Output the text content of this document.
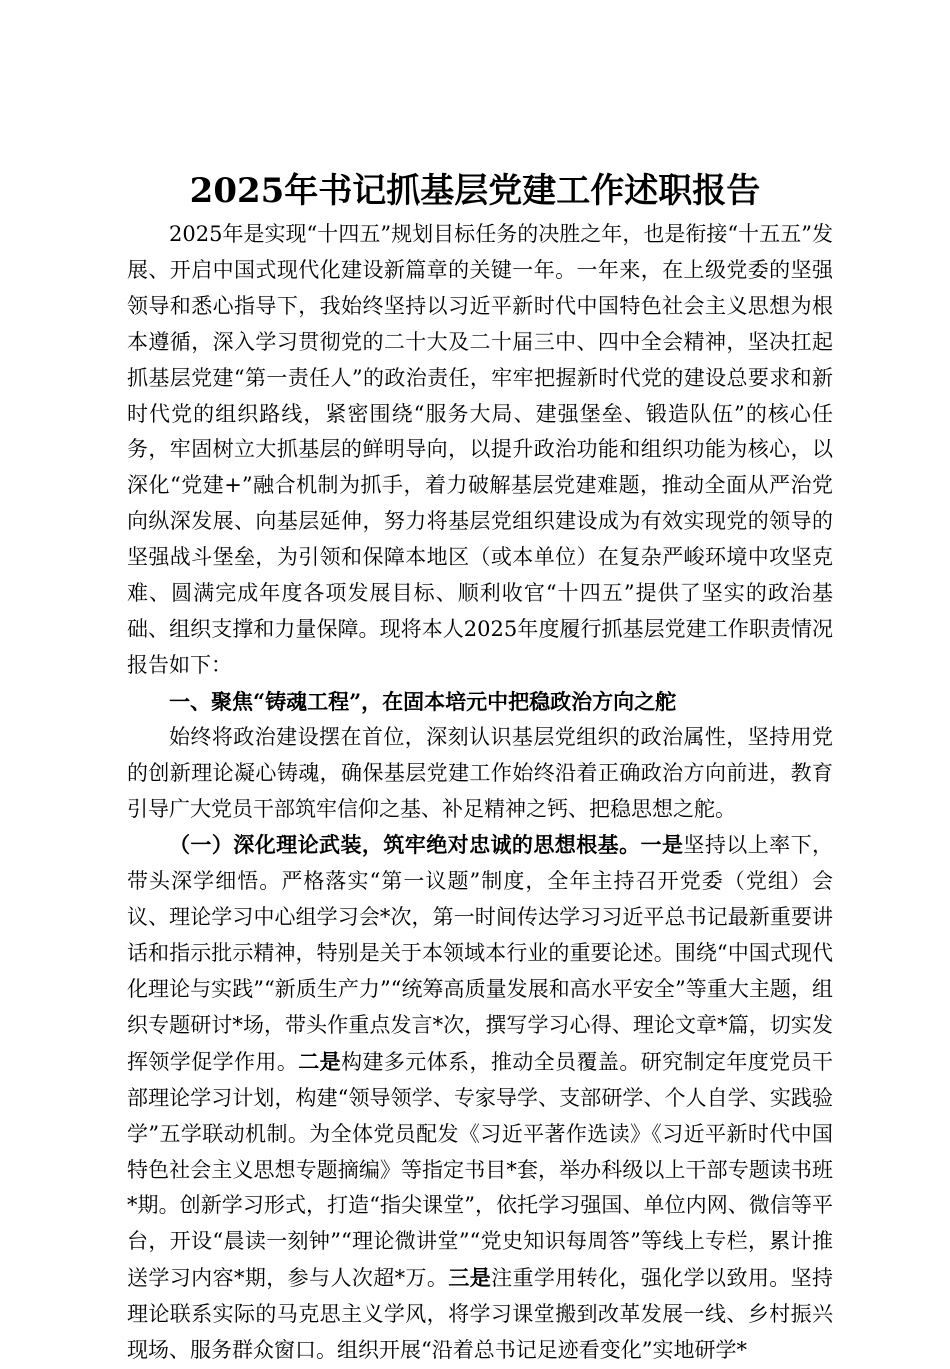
2025年书记抓基层党建工作述职报告

2025年是实现“十四五”规划目标任务的决胜之年，也是衔接“十五五”发展、开启中国式现代化建设新篇章的关键一年。一年来，在上级党委的坚强领导和悉心指导下，我始终坚持以习近平新时代中国特色社会主义思想为根本遵循，深入学习贯彻党的二十大及二十届三中、四中全会精神，坚决扛起抓基层党建“第一责任人”的政治责任，牢牢把握新时代党的建设总要求和新时代党的组织路线，紧密围绕“服务大局、建强堡垒、锻造队伍”的核心任务，牢固树立大抓基层的鲜明导向，以提升政治功能和组织功能为核心，以深化“党建+”融合机制为抓手，着力破解基层党建难题，推动全面从严治党向纵深发展、向基层延伸，努力将基层党组织建设成为有效实现党的领导的坚强战斗堡垒，为引领和保障本地区（或本单位）在复杂严峻环境中攻坚克难、圆满完成年度各项发展目标、顺利收官“十四五”提供了坚实的政治基础、组织支撑和力量保障。现将本人2025年度履行抓基层党建工作职责情况报告如下：

一、聚焦“铸魂工程”，在固本培元中把稳政治方向之舵

始终将政治建设摆在首位，深刻认识基层党组织的政治属性，坚持用党的创新理论凝心铸魂，确保基层党建工作始终沿着正确政治方向前进，教育引导广大党员干部筑牢信仰之基、补足精神之钙、把稳思想之舵。

（一）深化理论武装，筑牢绝对忠诚的思想根基。一是坚持以上率下，带头深学细悟。严格落实“第一议题”制度，全年主持召开党委（党组）会议、理论学习中心组学习会*次，第一时间传达学习习近平总书记最新重要讲话和指示批示精神，特别是关于本领域本行业的重要论述。围绕“中国式现代化理论与实践”“新质生产力”“统筹高质量发展和高水平安全”等重大主题，组织专题研讨*场，带头作重点发言*次，撰写学习心得、理论文章*篇，切实发挥领学促学作用。二是构建多元体系，推动全员覆盖。研究制定年度党员干部理论学习计划，构建“领导领学、专家导学、支部研学、个人自学、实践验学”五学联动机制。为全体党员配发《习近平著作选读》《习近平新时代中国特色社会主义思想专题摘编》等指定书目*套，举办科级以上干部专题读书班*期。创新学习形式，打造“指尖课堂”，依托学习强国、单位内网、微信等平台，开设“晨读一刻钟”“理论微讲堂”“党史知识每周答”等线上专栏，累计推送学习内容*期，参与人次超*万。三是注重学用转化，强化学以致用。坚持理论联系实际的马克思主义学风，将学习课堂搬到改革发展一线、乡村振兴现场、服务群众窗口。组织开展“沿着总书记足迹看变化”实地研学*
